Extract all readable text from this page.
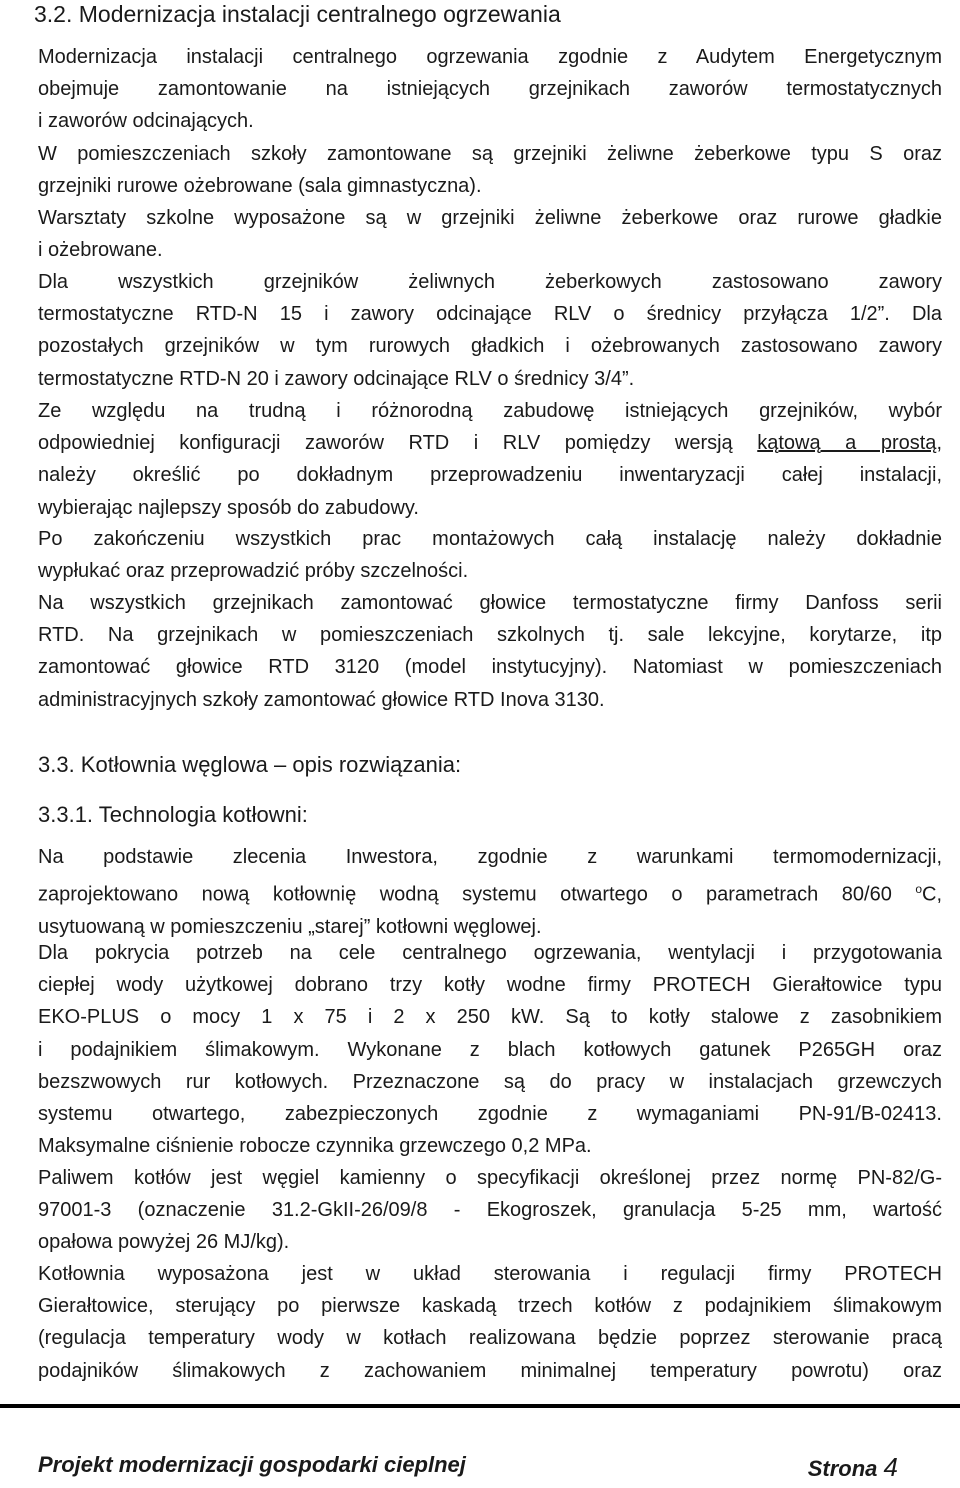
3.2. Modernizacja instalacji centralnego ogrzewania

Modernizacja instalacji centralnego ogrzewania zgodnie z Audytem Energetycznym
obejmuje zamontowanie na istniejących grzejnikach zaworów termostatycznych
i zaworów odcinających.

W pomieszczeniach szkoły zamontowane są grzejniki żeliwne żeberkowe typu S oraz
grzejniki rurowe ożebrowane (sala gimnastyczna).

Warsztaty szkolne wyposażone są w grzejniki żeliwne żeberkowe oraz rurowe gładkie
i ożebrowane.

Dla wszystkich grzejników żeliwnych żeberkowych zastosowano zawory
termostatyczne RTD-N 15 i zawory odcinające RLV o średnicy przyłącza 1/2”. Dla
pozostałych grzejników w tym rurowych gładkich i ożebrowanych zastosowano zawory
termostatyczne RTD-N 20 i zawory odcinające RLV o średnicy 3/4”.

Ze względu na trudną i różnorodną zabudowę istniejących grzejników, wybór
odpowiedniej konfiguracji zaworów RTD i RLV pomiędzy wersją kątową a prostą,
należy określić po dokładnym przeprowadzeniu inwentaryzacji całej instalacji,
wybierając najlepszy sposób do zabudowy.

Po zakończeniu wszystkich prac montażowych całą instalację należy dokładnie
wypłukać oraz przeprowadzić próby szczelności.

Na wszystkich grzejnikach zamontować głowice termostatyczne firmy Danfoss serii
RTD. Na grzejnikach w pomieszczeniach szkolnych tj. sale lekcyjne, korytarze, itp
zamontować głowice RTD 3120 (model instytucyjny). Natomiast w pomieszczeniach
administracyjnych szkoły zamontować głowice RTD Inova 3130.

3.3. Kotłownia węglowa – opis rozwiązania:
3.3.1. Technologia kotłowni:

Na podstawie zlecenia Inwestora, zgodnie z warunkami termomodernizacji,
zaprojektowano nową kotłownię wodną systemu otwartego o parametrach 80/60 $^o$C,
usytuowaną w pomieszczeniu „starej” kotłowni węglowej.

Dla pokrycia potrzeb na cele centralnego ogrzewania, wentylacji i przygotowania
ciepłej wody użytkowej dobrano trzy kotły wodne firmy PROTECH Gierałtowice typu
EKO-PLUS o mocy 1 x 75 i 2 x 250 kW. Są to kotły stalowe z zasobnikiem
i podajnikiem ślimakowym. Wykonane z blach kotłowych gatunek P265GH oraz
bezszwowych rur kotłowych. Przeznaczone są do pracy w instalacjach grzewczych
systemu otwartego, zabezpieczonych zgodnie z wymaganiami PN-91/B-02413.
Maksymalne ciśnienie robocze czynnika grzewczego 0,2 MPa.

Paliwem kotłów jest węgiel kamienny o specyfikacji określonej przez normę PN-82/G-
97001-3 (oznaczenie 31.2-GkII-26/09/8 - Ekogroszek, granulacja 5-25 mm, wartość
opałowa powyżej 26 MJ/kg).

Kotłownia wyposażona jest w układ sterowania i regulacji firmy PROTECH
Gierałtowice, sterujący po pierwsze kaskadą trzech kotłów z podajnikiem ślimakowym
(regulacja temperatury wody w kotłach realizowana będzie poprzez sterowanie pracą
podajników ślimakowych z zachowaniem minimalnej temperatury powrotu) oraz

Projekt modernizacji gospodarki cieplnej	Strona 4
